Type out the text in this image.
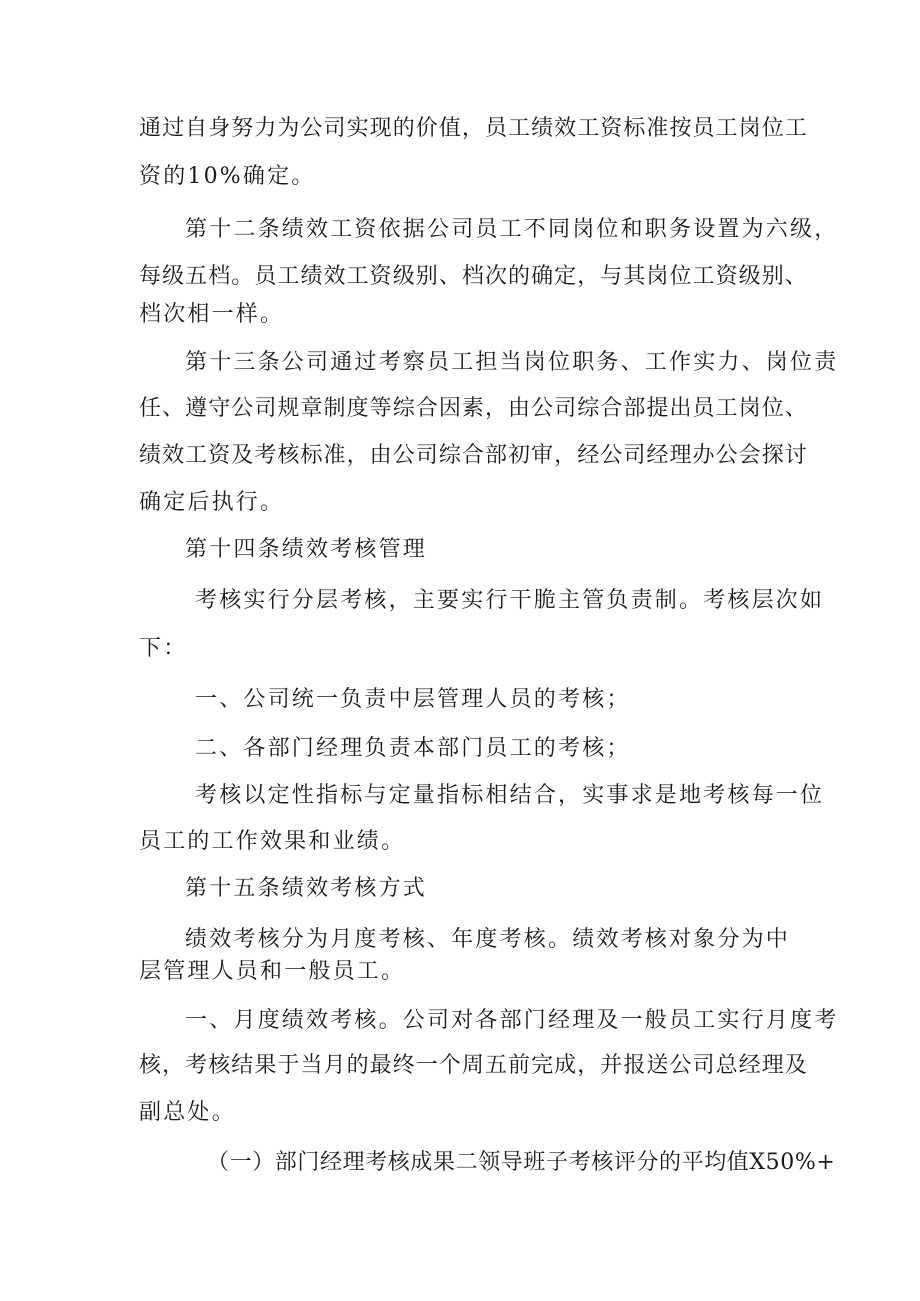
通 过 自 身 努 力 为 公 司 实 现 的 价 值 ， 员 工 绩 效 工 资 标 准 按 员 工 岗 位 工
资的10%确定。
第十二条绩效工资依据公司员工不同岗位和职务设置为六级，
每 级 五 档 。 员 工 绩 效 工 资 级 别 、 档 次 的 确 定 ， 与 其 岗 位 工 资 级 别 、
档次相一样。
第十三条公司通过考察员工担当岗位职务、工作实力、岗位责
任 、 遵 守 公 司 规 章 制 度 等 综 合 因 素 ， 由 公 司 综 合 部 提 出 员 工 岗 位 、
绩 效 工 资 及 考 核 标 准 ， 由 公 司 综 合 部 初 审 ， 经 公 司 经 理 办 公 会 探 讨
确定后执行。
第十四条绩效考核管理
考核实行分层考核，主要实行干脆主管负责制。考核层次如
下：
一、公司统一负责中层管理人员的考核；
二、各部门经理负责本部门员工的考核；
考核以定性指标与定量指标相结合，实事求是地考核每一位
员工的工作效果和业绩。
第十五条绩效考核方式
绩效考核分为月度考核、年度考核。绩效考核对象分为中
层管理人员和一般员工。
一、月度绩效考核。公司对各部门经理及一般员工实行月度考
核 ， 考 核 结 果 于 当 月 的 最 终 一 个 周 五 前 完 成 ， 并 报 送 公 司 总 经 理 及
副总处。
（一）部门经理考核成果二领导班子考核评分的平均值X50%+
